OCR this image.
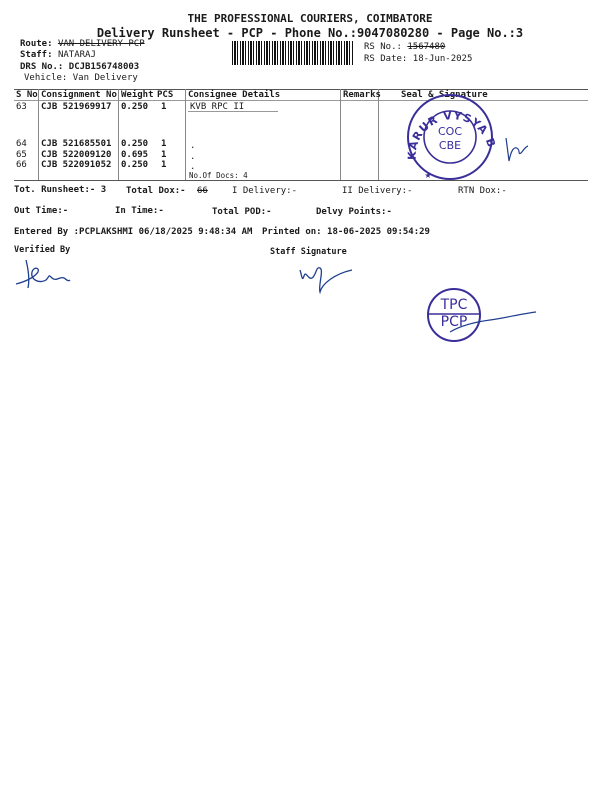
THE PROFESSIONAL COURIERS, COIMBATORE
Delivery Runsheet - PCP - Phone No.:9047080280 - Page No.:3
Route: VAN DELIVERY PCP
Staff: NATARAJ
DRS No.: DCJB156748003
Vehicle: Van Delivery
RS No.: 1567480
RS Date: 18-Jun-2025
S No Consignment No Weight PCS Consignee Details	Remarks Seal & Signature
63 CJB 521969917 0.250 1	KVB RPC II
64 CJB 521685501 0.250 1	.
65 CJB 522009120 0.695 1	.
66 CJB 522091052 0.250 1	.
No.Of Docs: 4
KARUR VYSYA BANK
COC
CBE
★
Tot. Runsheet:- 3 Total Dox:- 66	I Delivery:-	II Delivery:-	RTN Dox:-
Out Time:-	In Time:-	Total POD:-	Delvy Points:-
Entered By :PCPLAKSHMI 06/18/2025 9:48:34 AM Printed on: 18-06-2025 09:54:29
Verified By	Staff Signature
TPC
PCP
